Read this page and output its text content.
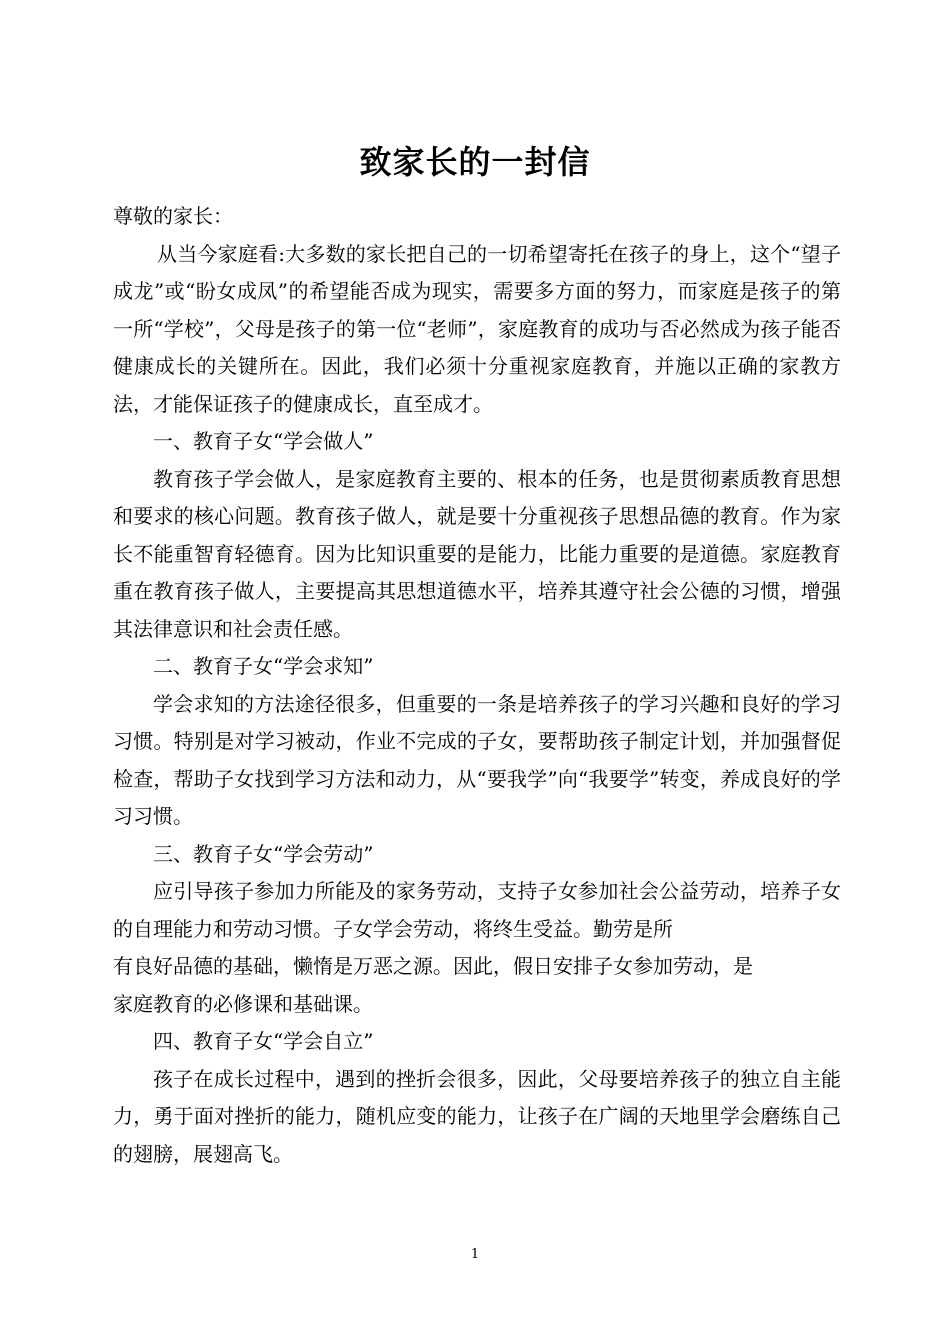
致家长的一封信

尊敬的家长：

从当今家庭看:大多数的家长把自己的一切希望寄托在孩子的身上，这个“望子成龙”或“盼女成凤”的希望能否成为现实，需要多方面的努力，而家庭是孩子的第一所“学校”，父母是孩子的第一位“老师”，家庭教育的成功与否必然成为孩子能否健康成长的关键所在。因此，我们必须十分重视家庭教育，并施以正确的家教方法，才能保证孩子的健康成长，直至成才。

一、教育子女“学会做人”

教育孩子学会做人，是家庭教育主要的、根本的任务，也是贯彻素质教育思想和要求的核心问题。教育孩子做人，就是要十分重视孩子思想品德的教育。作为家长不能重智育轻德育。因为比知识重要的是能力，比能力重要的是道德。家庭教育重在教育孩子做人，主要提高其思想道德水平，培养其遵守社会公德的习惯，增强其法律意识和社会责任感。

二、教育子女“学会求知”

学会求知的方法途径很多，但重要的一条是培养孩子的学习兴趣和良好的学习习惯。特别是对学习被动，作业不完成的子女，要帮助孩子制定计划，并加强督促检查，帮助子女找到学习方法和动力，从“要我学”向“我要学”转变，养成良好的学习习惯。

三、教育子女“学会劳动”

应引导孩子参加力所能及的家务劳动，支持子女参加社会公益劳动，培养子女的自理能力和劳动习惯。子女学会劳动，将终生受益。勤劳是所

有良好品德的基础，懒惰是万恶之源。因此，假日安排子女参加劳动，是

家庭教育的必修课和基础课。

四、教育子女“学会自立”

孩子在成长过程中，遇到的挫折会很多，因此，父母要培养孩子的独立自主能力，勇于面对挫折的能力，随机应变的能力，让孩子在广阔的天地里学会磨练自己的翅膀，展翅高飞。

1
